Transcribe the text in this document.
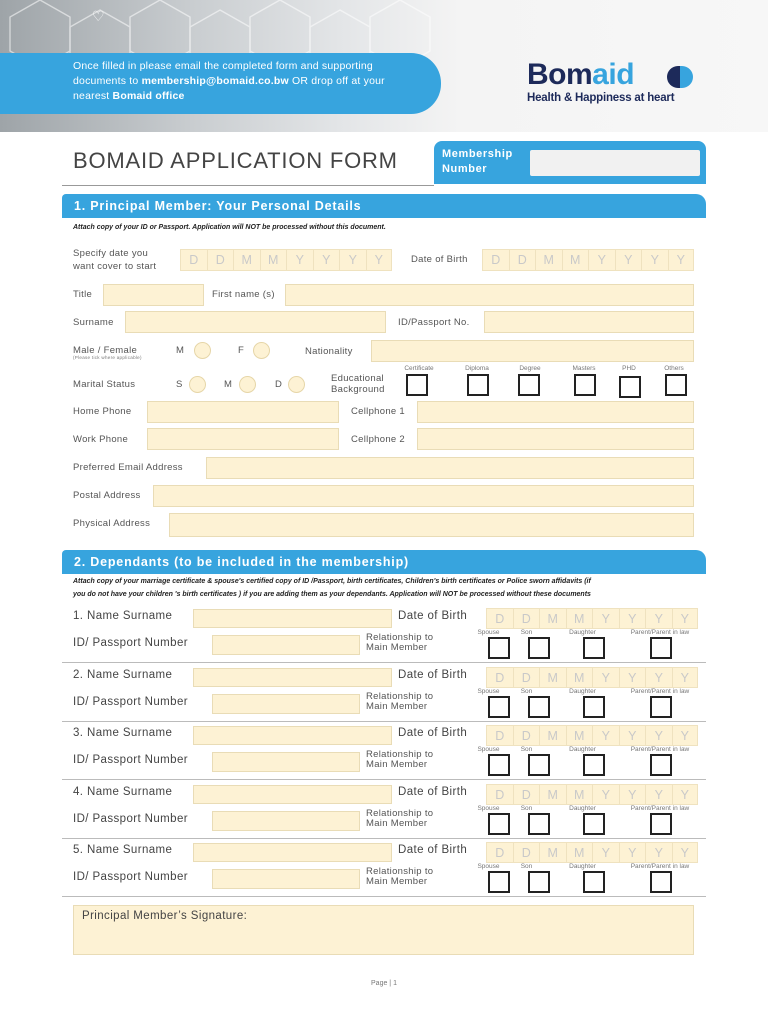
♡
Once filled in please email the completed form and supporting
documents to membership@bomaid.co.bw OR drop off at your
nearest Bomaid office
Bomaid
Health & Happiness at heart
BOMAID APPLICATION FORM	Membership
Number
1. Principal Member: Your Personal Details
Attach copy of your ID or Passport. Application will NOT be processed without this document.
Specify date you
want cover to start	D	D	M	M	Y	Y	Y	Y	Date of Birth	D	D	M	M	Y	Y	Y	Y
Title	First name (s)
Surname	ID/Passport No.
Male / Female
(Please tick where applicable)
M	F	Nationality
Marital Status	S	M	D
Educational
Background
Certificate	Diploma	Degree	Masters	PHD	Others
Home Phone	Cellphone 1
Work Phone	Cellphone 2
Preferred Email Address
Postal Address
Physical Address
2. Dependants (to be included in the membership)
Attach copy of your marriage certificate & spouse's certified copy of ID /Passport, birth certificates, Children's birth certificates or Police sworn affidavits (if
you do not have your children 's birth certificates ) if you are adding them as your dependants. Application will NOT be processed without these documents
1. Name Surname	Date of Birth	D	D	M	M	Y	Y	Y	Y
ID/ Passport Number	Relationship to
Main Member
Spouse	Son	Daughter	Parent/Parent in law
2. Name Surname	Date of Birth	D	D	M	M	Y	Y	Y	Y
ID/ Passport Number	Relationship to
Main Member
Spouse	Son	Daughter	Parent/Parent in law
3. Name Surname	Date of Birth	D	D	M	M	Y	Y	Y	Y
ID/ Passport Number	Relationship to
Main Member
Spouse	Son	Daughter	Parent/Parent in law
4. Name Surname	Date of Birth	D	D	M	M	Y	Y	Y	Y
ID/ Passport Number	Relationship to
Main Member
Spouse	Son	Daughter	Parent/Parent in law
5. Name Surname	Date of Birth	D	D	M	M	Y	Y	Y	Y
ID/ Passport Number	Relationship to
Main Member
Spouse	Son	Daughter	Parent/Parent in law
Principal Member’s Signature:
Page | 1
